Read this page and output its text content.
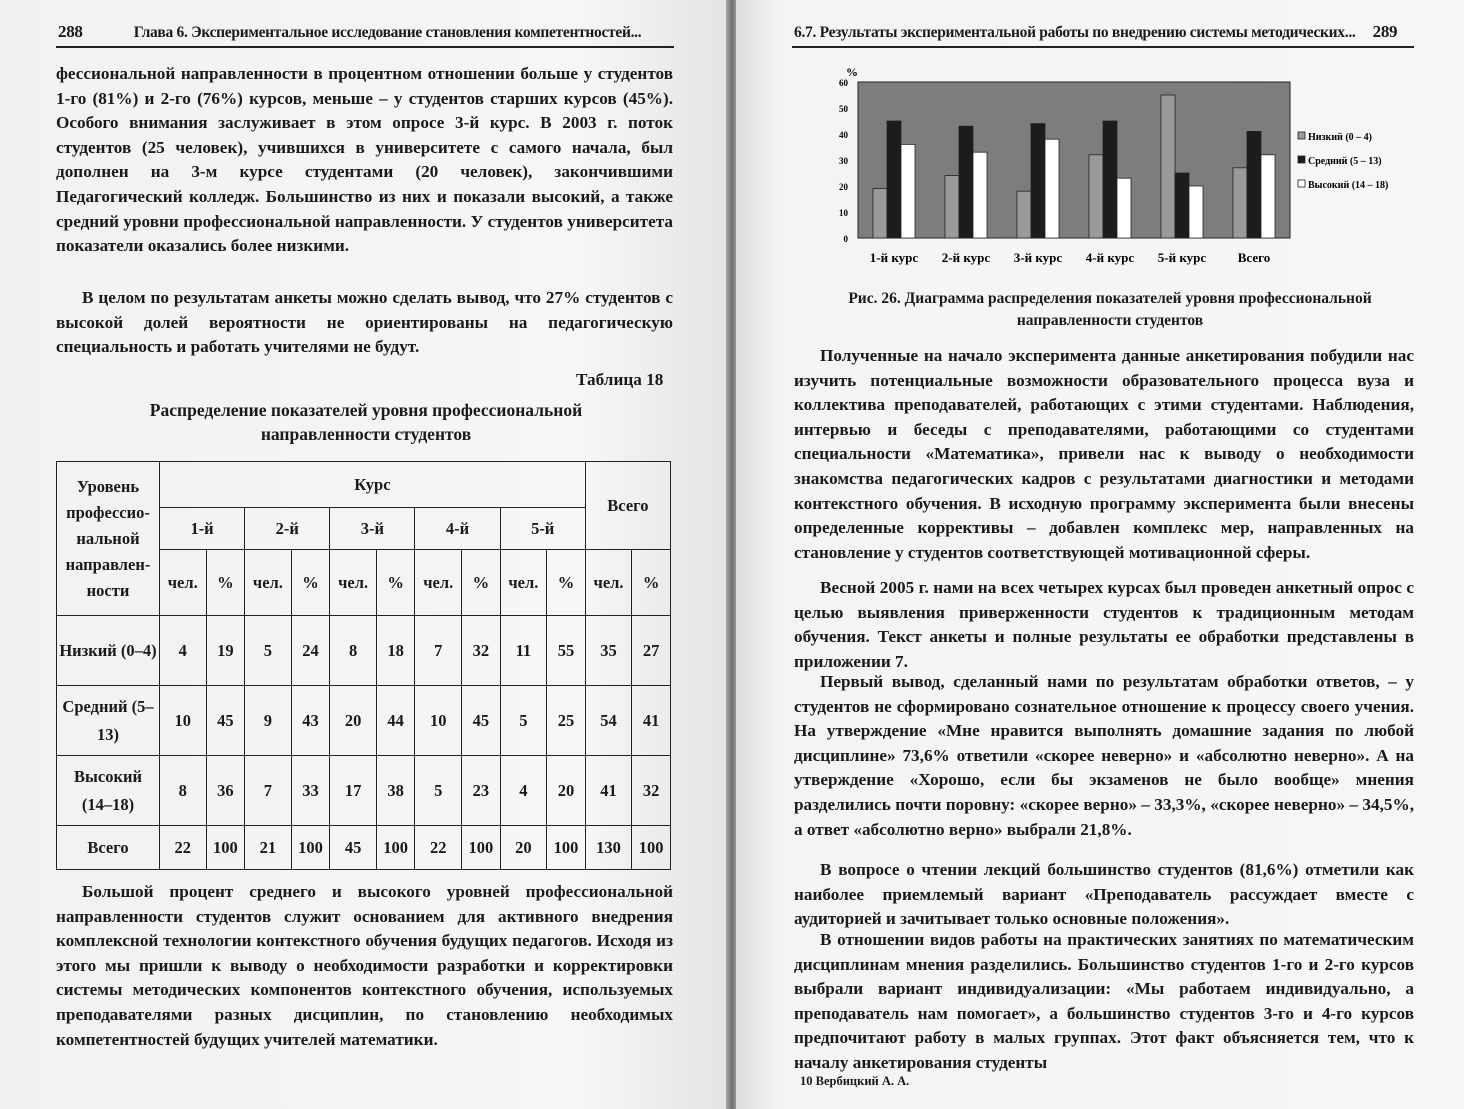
288	Глава 6. Экспериментальное исследование становления компетентностей...

фессиональной направленности в процентном отношении больше у студентов 1-го (81%) и 2-го (76%) курсов, меньше – у студентов старших курсов (45%). Особого внимания заслуживает в этом опросе 3-й курс. В 2003 г. поток студентов (25 человек), учившихся в университете с самого начала, был дополнен на 3-м курсе студентами (20 человек), закончившими Педагогический колледж. Большинство из них и показали высокий, а также средний уровни профессиональной направленности. У студентов университета показатели оказались более низкими.

В целом по результатам анкеты можно сделать вывод, что 27% студентов с высокой долей вероятности не ориентированы на педагогическую специальность и работать учителями не будут.

Таблица 18
Распределение показателей уровня профессиональной направленности студентов
Уровень профессио-нальной направлен-ности	Курс										Всего	
	1-й		2-й		3-й		4-й		5-й			
	чел.	%	чел.	%	чел.	%	чел.	%	чел.	%	чел.	%
Низкий (0–4)	4	19	5	24	8	18	7	32	11	55	35	27
Средний (5–13)	10	45	9	43	20	44	10	45	5	25	54	41
Высокий (14–18)	8	36	7	33	17	38	5	23	4	20	41	32
Всего	22	100	21	100	45	100	22	100	20	100	130	100

Большой процент среднего и высокого уровней профессиональной направленности студентов служит основанием для активного внедрения комплексной технологии контекстного обучения будущих педагогов. Исходя из этого мы пришли к выводу о необходимости разработки и корректировки системы методических компонентов контекстного обучения, используемых преподавателями разных дисциплин, по становлению необходимых компетентностей будущих учителей математики.

6.7. Результаты экспериментальной работы по внедрению системы методических... 289
Рис. 26. Диаграмма распределения показателей уровня профессиональной направленности студентов

Полученные на начало эксперимента данные анкетирования побудили нас изучить потенциальные возможности образовательного процесса вуза и коллектива преподавателей, работающих с этими студентами. Наблюдения, интервью и беседы с преподавателями, работающими со студентами специальности «Математика», привели нас к выводу о необходимости знакомства педагогических кадров с результатами диагностики и методами контекстного обучения. В исходную программу эксперимента были внесены определенные коррективы – добавлен комплекс мер, направленных на становление у студентов соответствующей мотивационной сферы.

Весной 2005 г. нами на всех четырех курсах был проведен анкетный опрос с целью выявления приверженности студентов к традиционным методам обучения. Текст анкеты и полные результаты ее обработки представлены в приложении 7.

Первый вывод, сделанный нами по результатам обработки ответов, – у студентов не сформировано сознательное отношение к процессу своего учения. На утверждение «Мне нравится выполнять домашние задания по любой дисциплине» 73,6% ответили «скорее неверно» и «абсолютно неверно». А на утверждение «Хорошо, если бы экзаменов не было вообще» мнения разделились почти поровну: «скорее верно» – 33,3%, «скорее неверно» – 34,5%, а ответ «абсолютно верно» выбрали 21,8%.

В вопросе о чтении лекций большинство студентов (81,6%) отметили как наиболее приемлемый вариант «Преподаватель рассуждает вместе с аудиторией и зачитывает только основные положения».

В отношении видов работы на практических занятиях по математическим дисциплинам мнения разделились. Большинство студентов 1-го и 2-го курсов выбрали вариант индивидуализации: «Мы работаем индивидуально, а преподаватель нам помогает», а большинство студентов 3-го и 4-го курсов предпочитают работу в малых группах. Этот факт объясняется тем, что к началу анкетирования студенты

10 Вербицкий А. А.
0
10
20
30
40
50
60
%
1-й курс 2-й курс 3-й курс 4-й курс 5-й курс Всего
Низкий (0 – 4)
Средний (5 – 13)
Высокий (14 – 18)
